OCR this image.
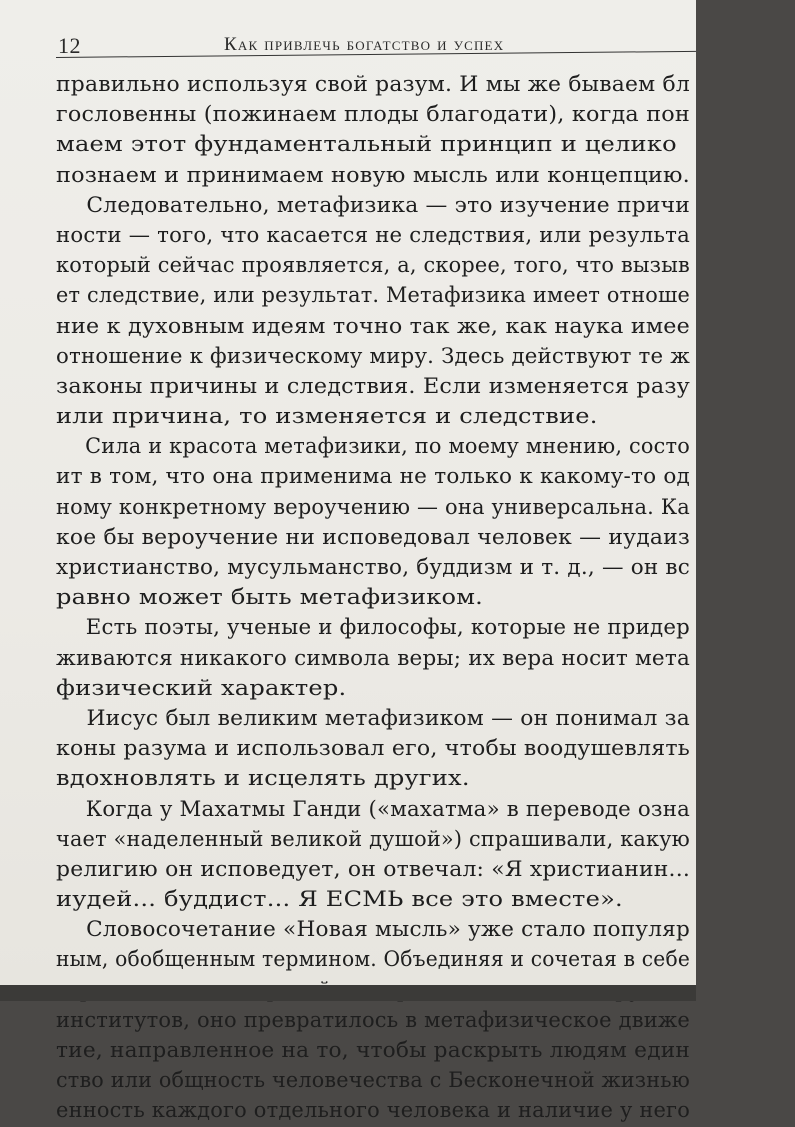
12	Как привлечь богатство и успех
правильно используя свой разум. И мы же бываем бл
гословенны (пожинаем плоды благодати), когда пон
маем этот фундаментальный принцип и целико
познаем и принимаем новую мысль или концепцию.
Следовательно, метафизика — это изучение причи
ности — того, что касается не следствия, или результа
который сейчас проявляется, а, скорее, того, что вызыв
ет следствие, или результат. Метафизика имеет отноше
ние к духовным идеям точно так же, как наука имее
отношение к физическому миру. Здесь действуют те ж
законы причины и следствия. Если изменяется разу
или причина, то изменяется и следствие.
Сила и красота метафизики, по моему мнению, состо
ит в том, что она применима не только к какому-то од
ному конкретному вероучению — она универсальна. Ка
кое бы вероучение ни исповедовал человек — иудаиз
христианство, мусульманство, буддизм и т. д., — он вс
равно может быть метафизиком.
Есть поэты, ученые и философы, которые не придер
живаются никакого символа веры; их вера носит мета
физический характер.
Иисус был великим метафизиком — он понимал за
коны разума и использовал его, чтобы воодушевлять
вдохновлять и исцелять других.
Когда у Махатмы Ганди («махатма» в переводе озна
чает «наделенный великой душой») спрашивали, какую
религию он исповедует, он отвечал: «Я христианин...
иудей... буддист... Я ЕСМЬ все это вместе».
Словосочетание «Новая мысль» уже стало популяр
ным, обобщенным термином. Объединяя и сочетая в себе
институтов, оно превратилось в метафизическое движе
тие, направленное на то, чтобы раскрыть людям един
ство или общность человечества с Бесконечной жизнью
енность каждого отдельного человека и наличие у него
